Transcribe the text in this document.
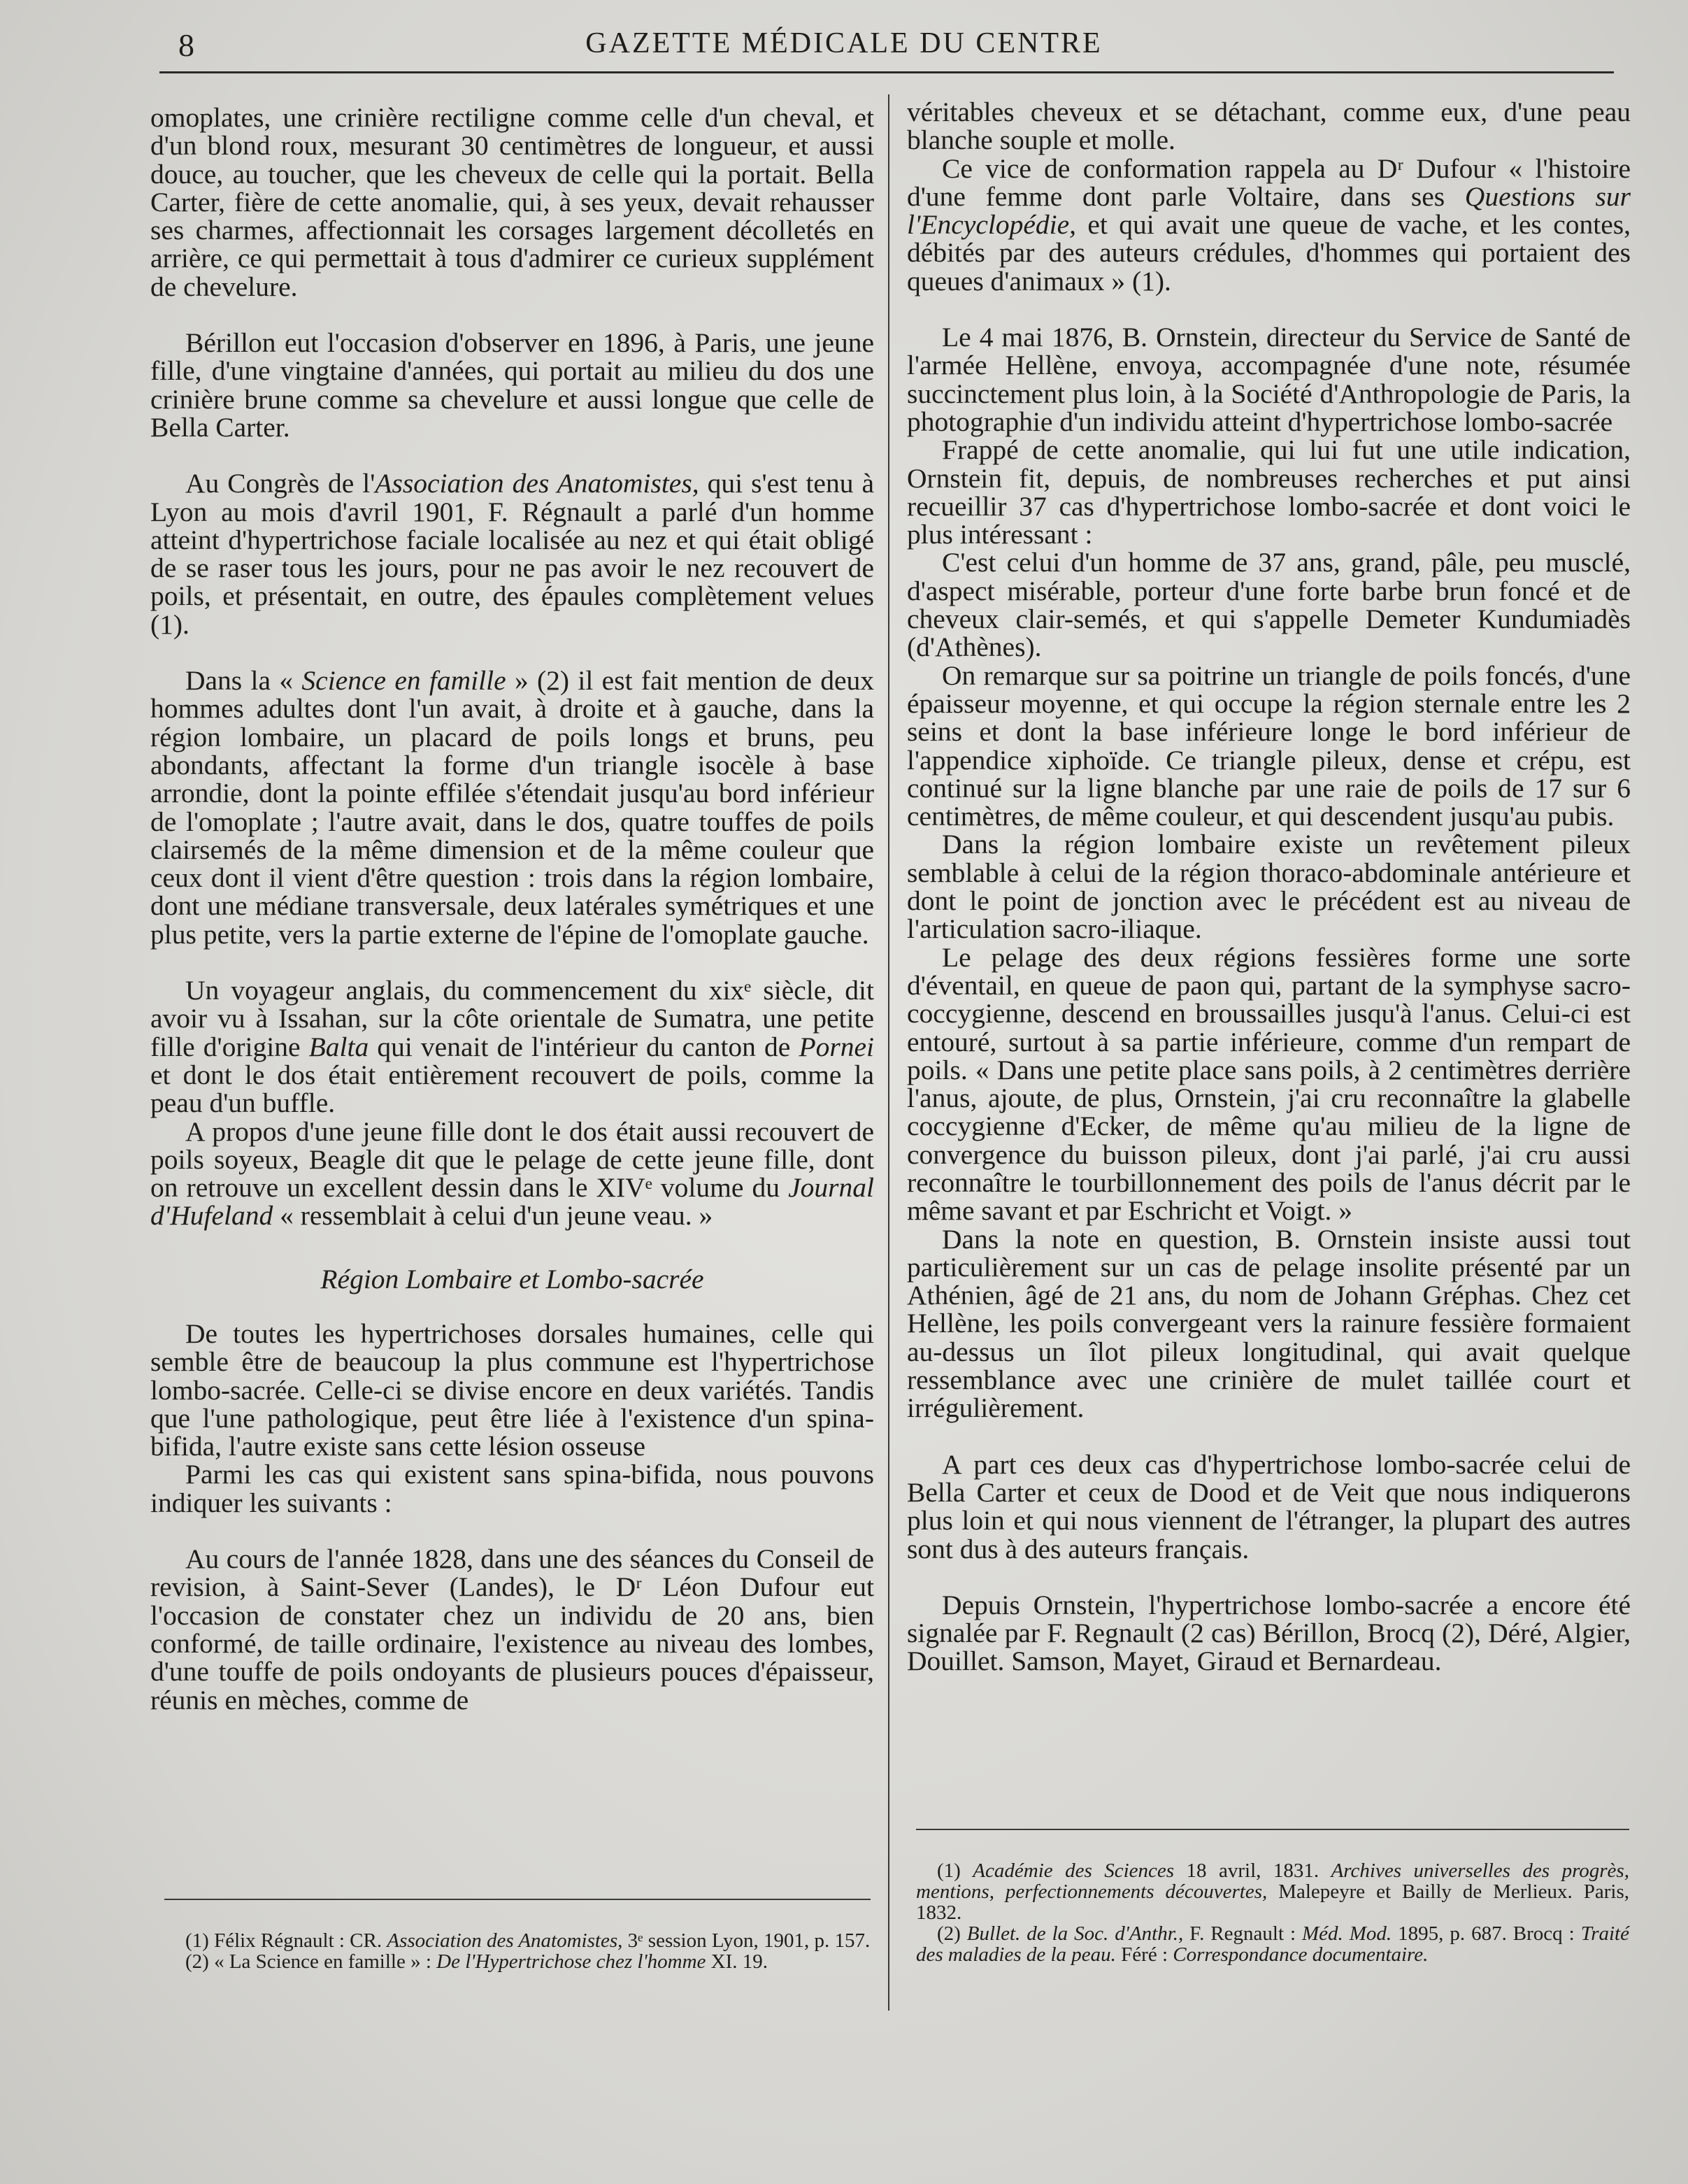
8	GAZETTE MÉDICALE DU CENTRE

omoplates, une crinière rectiligne comme celle d'un cheval, et d'un blond roux, mesurant 30 centimètres de longueur, et aussi douce, au toucher, que les cheveux de celle qui la portait. Bella Carter, fière de cette anomalie, qui, à ses yeux, devait rehausser ses charmes, affectionnait les corsages largement décolletés en arrière, ce qui permettait à tous d'admirer ce curieux supplément de chevelure.

Bérillon eut l'occasion d'observer en 1896, à Paris, une jeune fille, d'une vingtaine d'années, qui portait au milieu du dos une crinière brune comme sa chevelure et aussi longue que celle de Bella Carter.

Au Congrès de l'Association des Anatomistes, qui s'est tenu à Lyon au mois d'avril 1901, F. Régnault a parlé d'un homme atteint d'hypertrichose faciale localisée au nez et qui était obligé de se raser tous les jours, pour ne pas avoir le nez recouvert de poils, et présentait, en outre, des épaules complètement velues (1).

Dans la « Science en famille » (2) il est fait mention de deux hommes adultes dont l'un avait, à droite et à gauche, dans la région lombaire, un placard de poils longs et bruns, peu abondants, affectant la forme d'un triangle isocèle à base arrondie, dont la pointe effilée s'étendait jusqu'au bord inférieur de l'omoplate ; l'autre avait, dans le dos, quatre touffes de poils clairsemés de la même dimension et de la même couleur que ceux dont il vient d'être question : trois dans la région lombaire, dont une médiane transversale, deux latérales symétriques et une plus petite, vers la partie externe de l'épine de l'omoplate gauche.

Un voyageur anglais, du commencement du xixᵉ siècle, dit avoir vu à Issahan, sur la côte orientale de Sumatra, une petite fille d'origine Balta qui venait de l'intérieur du canton de Pornei et dont le dos était entièrement recouvert de poils, comme la peau d'un buffle.

A propos d'une jeune fille dont le dos était aussi recouvert de poils soyeux, Beagle dit que le pelage de cette jeune fille, dont on retrouve un excellent dessin dans le XIVᵉ volume du Journal d'Hufeland « ressemblait à celui d'un jeune veau. »

Région Lombaire et Lombo-sacrée

De toutes les hypertrichoses dorsales humaines, celle qui semble être de beaucoup la plus commune est l'hypertrichose lombo-sacrée. Celle-ci se divise encore en deux variétés. Tandis que l'une pathologique, peut être liée à l'existence d'un spina-bifida, l'autre existe sans cette lésion osseuse

Parmi les cas qui existent sans spina-bifida, nous pouvons indiquer les suivants :

Au cours de l'année 1828, dans une des séances du Conseil de revision, à Saint-Sever (Landes), le Dʳ Léon Dufour eut l'occasion de constater chez un individu de 20 ans, bien conformé, de taille ordinaire, l'existence au niveau des lombes, d'une touffe de poils ondoyants de plusieurs pouces d'épaisseur, réunis en mèches, comme de

(1) Félix Régnault : CR. Association des Anatomistes, 3ᵉ session Lyon, 1901, p. 157.

(2) « La Science en famille » : De l'Hypertrichose chez l'homme XI. 19.

véritables cheveux et se détachant, comme eux, d'une peau blanche souple et molle.

Ce vice de conformation rappela au Dʳ Dufour « l'histoire d'une femme dont parle Voltaire, dans ses Questions sur l'Encyclopédie, et qui avait une queue de vache, et les contes, débités par des auteurs crédules, d'hommes qui portaient des queues d'animaux » (1).

Le 4 mai 1876, B. Ornstein, directeur du Service de Santé de l'armée Hellène, envoya, accompagnée d'une note, résumée succinctement plus loin, à la Société d'Anthropologie de Paris, la photographie d'un individu atteint d'hypertrichose lombo-sacrée

Frappé de cette anomalie, qui lui fut une utile indication, Ornstein fit, depuis, de nombreuses recherches et put ainsi recueillir 37 cas d'hypertrichose lombo-sacrée et dont voici le plus intéressant :

C'est celui d'un homme de 37 ans, grand, pâle, peu musclé, d'aspect misérable, porteur d'une forte barbe brun foncé et de cheveux clair-semés, et qui s'appelle Demeter Kundumiadès (d'Athènes).

On remarque sur sa poitrine un triangle de poils foncés, d'une épaisseur moyenne, et qui occupe la région sternale entre les 2 seins et dont la base inférieure longe le bord inférieur de l'appendice xiphoïde. Ce triangle pileux, dense et crépu, est continué sur la ligne blanche par une raie de poils de 17 sur 6 centimètres, de même couleur, et qui descendent jusqu'au pubis.

Dans la région lombaire existe un revêtement pileux semblable à celui de la région thoraco-abdominale antérieure et dont le point de jonction avec le précédent est au niveau de l'articulation sacro-iliaque.

Le pelage des deux régions fessières forme une sorte d'éventail, en queue de paon qui, partant de la symphyse sacro-coccygienne, descend en broussailles jusqu'à l'anus. Celui-ci est entouré, surtout à sa partie inférieure, comme d'un rempart de poils. « Dans une petite place sans poils, à 2 centimètres derrière l'anus, ajoute, de plus, Ornstein, j'ai cru reconnaître la glabelle coccygienne d'Ecker, de même qu'au milieu de la ligne de convergence du buisson pileux, dont j'ai parlé, j'ai cru aussi reconnaître le tourbillonnement des poils de l'anus décrit par le même savant et par Eschricht et Voigt. »

Dans la note en question, B. Ornstein insiste aussi tout particulièrement sur un cas de pelage insolite présenté par un Athénien, âgé de 21 ans, du nom de Johann Gréphas. Chez cet Hellène, les poils convergeant vers la rainure fessière formaient au-dessus un îlot pileux longitudinal, qui avait quelque ressemblance avec une crinière de mulet taillée court et irrégulièrement.

A part ces deux cas d'hypertrichose lombo-sacrée celui de Bella Carter et ceux de Dood et de Veit que nous indiquerons plus loin et qui nous viennent de l'étranger, la plupart des autres sont dus à des auteurs français.

Depuis Ornstein, l'hypertrichose lombo-sacrée a encore été signalée par F. Regnault (2 cas) Bérillon, Brocq (2), Déré, Algier, Douillet. Samson, Mayet, Giraud et Bernardeau.

(1) Académie des Sciences 18 avril, 1831. Archives universelles des progrès, mentions, perfectionnements découvertes, Malepeyre et Bailly de Merlieux. Paris, 1832.

(2) Bullet. de la Soc. d'Anthr., F. Regnault : Méd. Mod. 1895, p. 687. Brocq : Traité des maladies de la peau. Féré : Correspondance documentaire.
